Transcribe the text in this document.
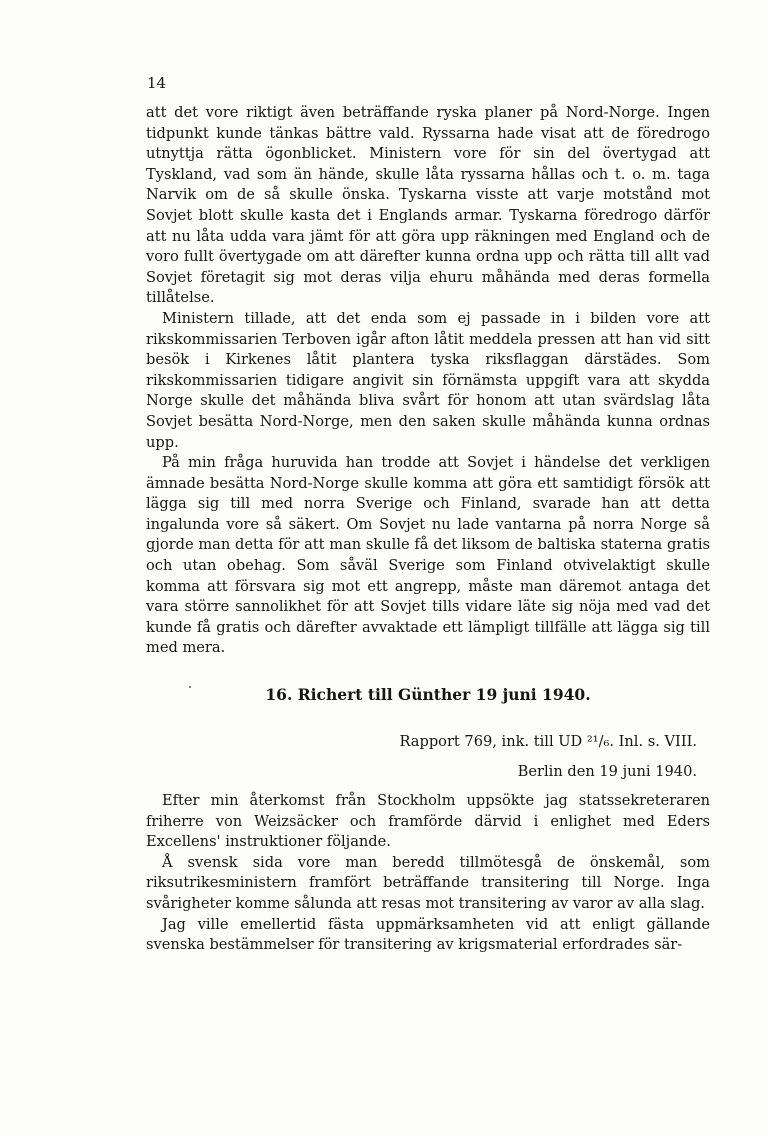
14

att det vore riktigt även beträffande ryska planer på Nord-Norge. Ingen tidpunkt kunde tänkas bättre vald. Ryssarna hade visat att de föredrogo utnyttja rätta ögonblicket. Ministern vore för sin del övertygad att Tyskland, vad som än hände, skulle låta ryssarna hållas och t. o. m. taga Narvik om de så skulle önska. Tyskarna visste att varje motstånd mot Sovjet blott skulle kasta det i Englands armar. Tyskarna föredrogo därför att nu låta udda vara jämt för att göra upp räkningen med England och de voro fullt övertygade om att därefter kunna ordna upp och rätta till allt vad Sovjet företagit sig mot deras vilja ehuru måhända med deras formella tillåtelse.

Ministern tillade, att det enda som ej passade in i bilden vore att rikskommissarien Terboven igår afton låtit meddela pressen att han vid sitt besök i Kirkenes låtit plantera tyska riksflaggan därstädes. Som rikskommissarien tidigare angivit sin förnämsta uppgift vara att skydda Norge skulle det måhända bliva svårt för honom att utan svärdslag låta Sovjet besätta Nord-Norge, men den saken skulle måhända kunna ordnas upp.

På min fråga huruvida han trodde att Sovjet i händelse det verkligen ämnade besätta Nord-Norge skulle komma att göra ett samtidigt försök att lägga sig till med norra Sverige och Finland, svarade han att detta ingalunda vore så säkert. Om Sovjet nu lade vantarna på norra Norge så gjorde man detta för att man skulle få det liksom de baltiska staterna gratis och utan obehag. Som såväl Sverige som Finland otvivelaktigt skulle komma att försvara sig mot ett angrepp, måste man däremot antaga det vara större sannolikhet för att Sovjet tills vidare läte sig nöja med vad det kunde få gratis och därefter avvaktade ett lämpligt tillfälle att lägga sig till med mera.

16. Richert till Günther 19 juni 1940.
Rapport 769, ink. till UD ²¹/₆. Inl. s. VIII.
Berlin den 19 juni 1940.

Efter min återkomst från Stockholm uppsökte jag statssekreteraren friherre von Weizsäcker och framförde därvid i enlighet med Eders Excellens' instruktioner följande.

Å svensk sida vore man beredd tillmötesgå de önskemål, som riksutrikesministern framfört beträffande transitering till Norge. Inga svårigheter komme sålunda att resas mot transitering av varor av alla slag.

Jag ville emellertid fästa uppmärksamheten vid att enligt gällande svenska bestämmelser för transitering av krigsmaterial erfordrades sär-
